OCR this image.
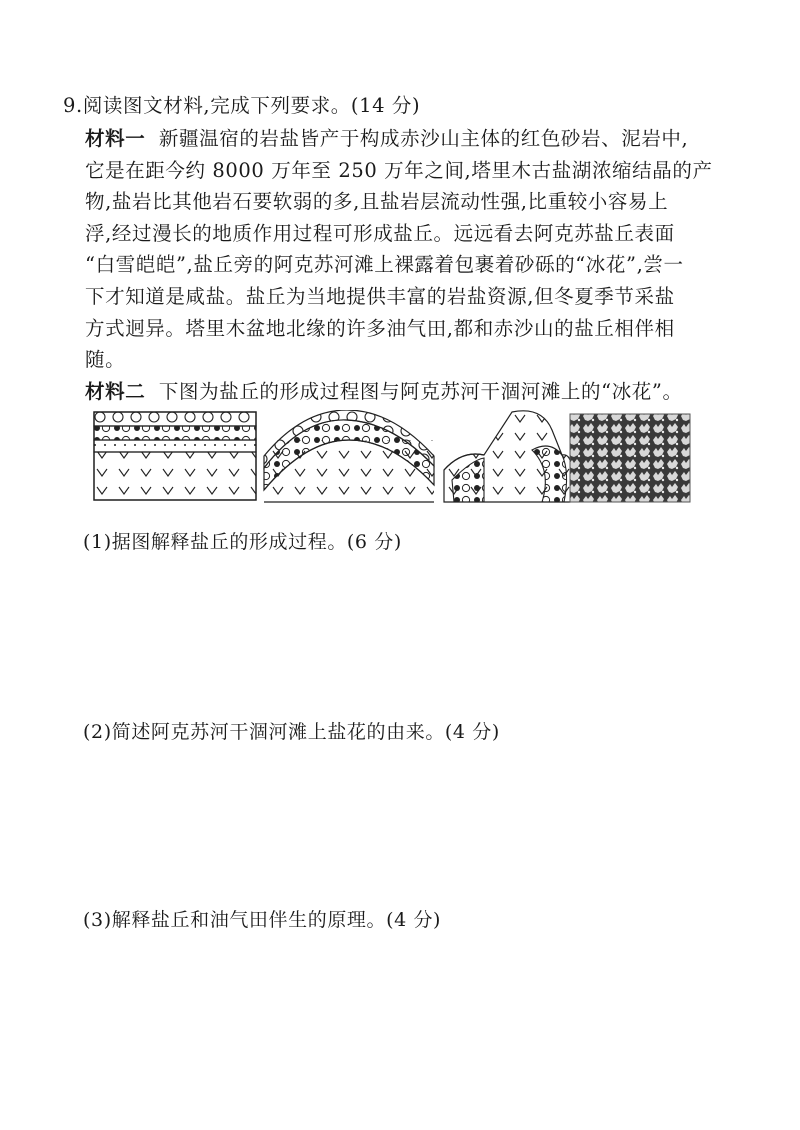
9.阅读图文材料,完成下列要求。(14 分)

材料一 新疆温宿的岩盐皆产于构成赤沙山主体的红色砂岩、泥岩中,

它是在距今约 8000 万年至 250 万年之间,塔里木古盐湖浓缩结晶的产

物,盐岩比其他岩石要软弱的多,且盐岩层流动性强,比重较小容易上

浮,经过漫长的地质作用过程可形成盐丘。远远看去阿克苏盐丘表面

“白雪皑皑”,盐丘旁的阿克苏河滩上裸露着包裹着砂砾的“冰花”,尝一

下才知道是咸盐。盐丘为当地提供丰富的岩盐资源,但冬夏季节采盐

方式迥异。塔里木盆地北缘的许多油气田,都和赤沙山的盐丘相伴相

随。

材料二 下图为盐丘的形成过程图与阿克苏河干涸河滩上的“冰花”。

(1)据图解释盐丘的形成过程。(6 分)
(2)简述阿克苏河干涸河滩上盐花的由来。(4 分)
(3)解释盐丘和油气田伴生的原理。(4 分)
